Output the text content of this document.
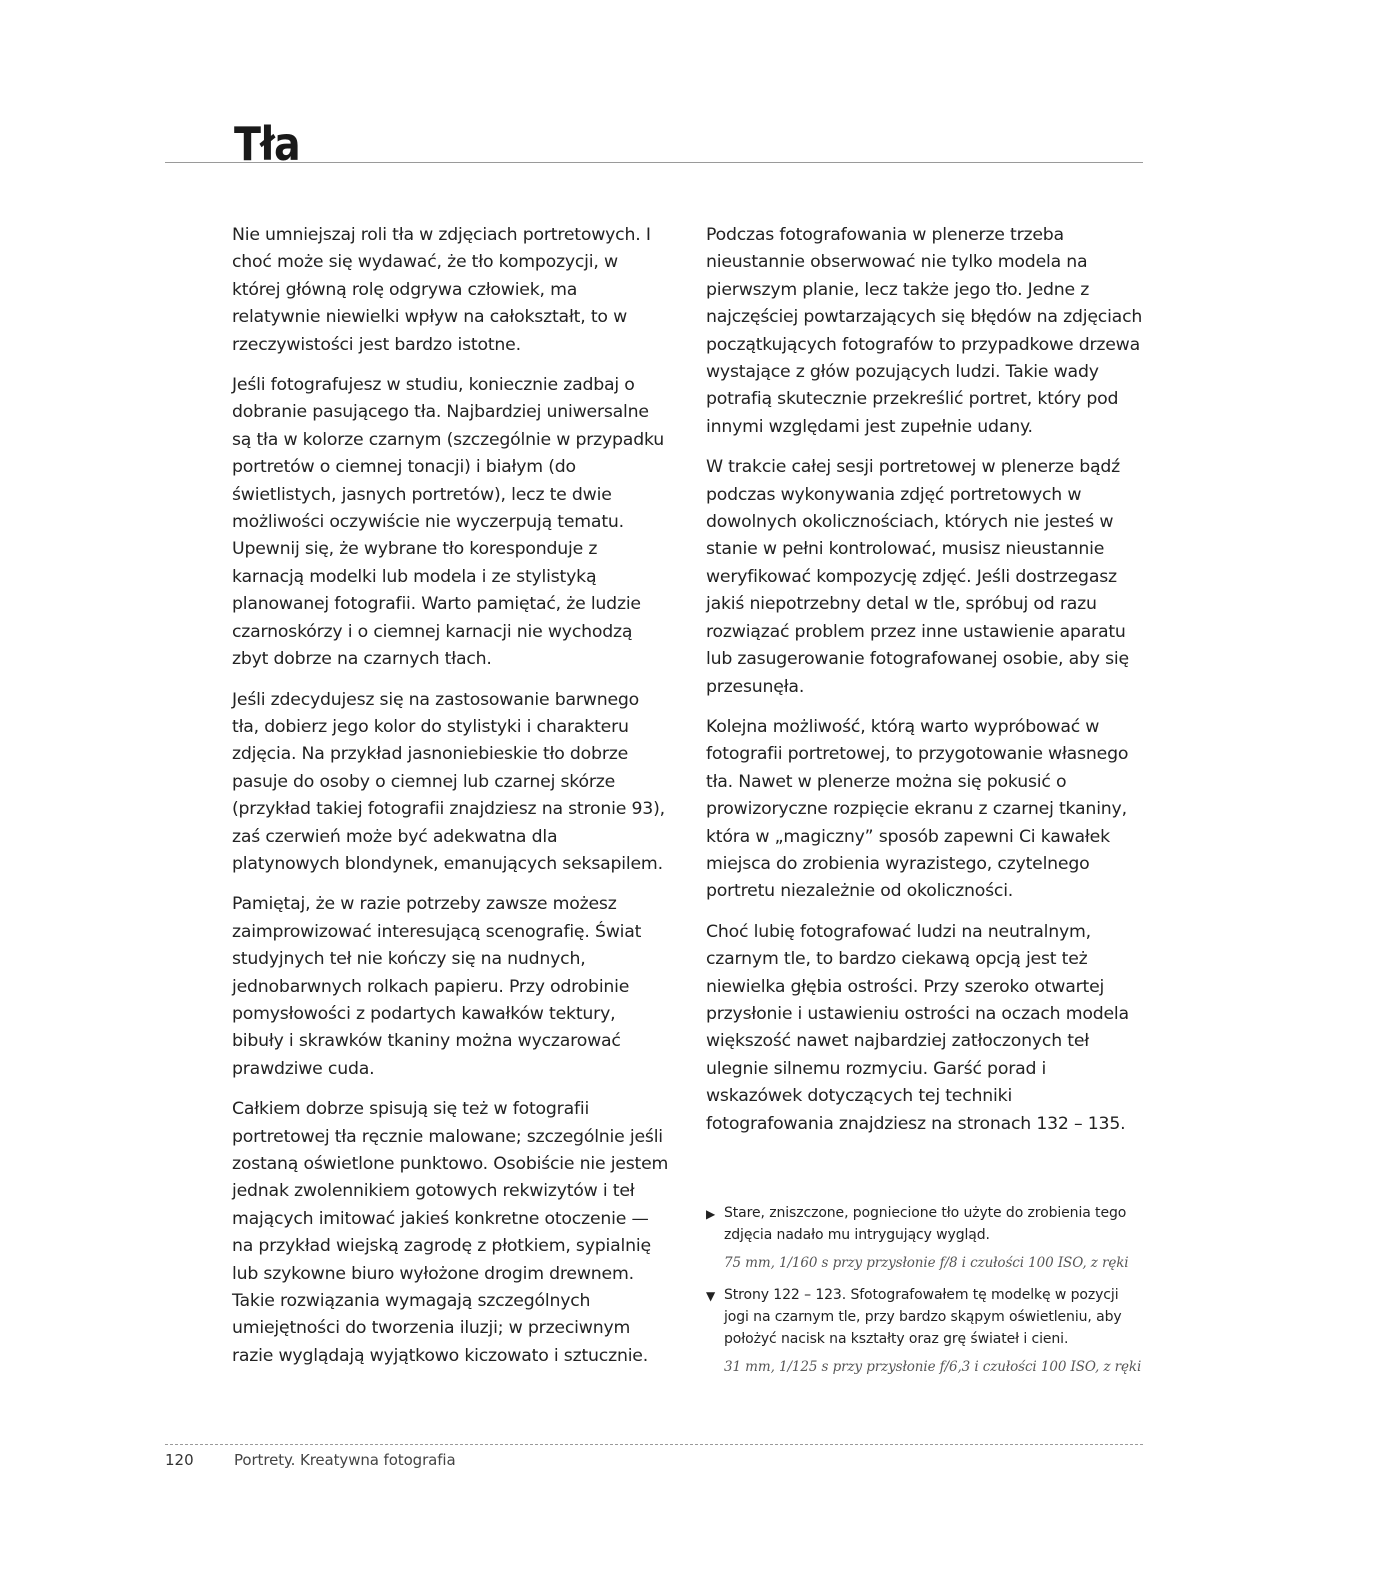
Tła

Nie umniejszaj roli tła w zdjęciach portretowych. I choć może się wydawać, że tło kompozycji, w której główną rolę odgrywa człowiek, ma relatywnie niewielki wpływ na całokształt, to w rzeczywistości jest bardzo istotne.

Jeśli fotografujesz w studiu, koniecznie zadbaj o dobranie pasującego tła. Najbardziej uniwersalne są tła w kolorze czarnym (szczególnie w przypadku portretów o ciemnej tonacji) i białym (do świetlistych, jasnych portretów), lecz te dwie możliwości oczywiście nie wyczerpują tematu. Upewnij się, że wybrane tło koresponduje z karnacją modelki lub modela i ze stylistyką planowanej fotografii. Warto pamiętać, że ludzie czarnoskórzy i o ciemnej karnacji nie wychodzą zbyt dobrze na czarnych tłach.

Jeśli zdecydujesz się na zastosowanie barwnego tła, dobierz jego kolor do stylistyki i charakteru zdjęcia. Na przykład jasnoniebieskie tło dobrze pasuje do osoby o ciemnej lub czarnej skórze (przykład takiej fotografii znajdziesz na stronie 93), zaś czerwień może być adekwatna dla platynowych blondynek, emanujących seksapilem.

Pamiętaj, że w razie potrzeby zawsze możesz zaimprowizować interesującą scenografię. Świat studyjnych teł nie kończy się na nudnych, jednobarwnych rolkach papieru. Przy odrobinie pomysłowości z podartych kawałków tektury, bibuły i skrawków tkaniny można wyczarować prawdziwe cuda.

Całkiem dobrze spisują się też w fotografii portretowej tła ręcznie malowane; szczególnie jeśli zostaną oświetlone punktowo. Osobiście nie jestem jednak zwolennikiem gotowych rekwizytów i teł mających imitować jakieś konkretne otoczenie — na przykład wiejską zagrodę z płotkiem, sypialnię lub szykowne biuro wyłożone drogim drewnem. Takie rozwiązania wymagają szczególnych umiejętności do tworzenia iluzji; w przeciwnym razie wyglądają wyjątkowo kiczowato i sztucznie.

Podczas fotografowania w plenerze trzeba nieustannie obserwować nie tylko modela na pierwszym planie, lecz także jego tło. Jedne z najczęściej powtarzających się błędów na zdjęciach początkujących fotografów to przypadkowe drzewa wystające z głów pozujących ludzi. Takie wady potrafią skutecznie przekreślić portret, który pod innymi względami jest zupełnie udany.

W trakcie całej sesji portretowej w plenerze bądź podczas wykonywania zdjęć portretowych w dowolnych okolicznościach, których nie jesteś w stanie w pełni kontrolować, musisz nieustannie weryfikować kompozycję zdjęć. Jeśli dostrzegasz jakiś niepotrzebny detal w tle, spróbuj od razu rozwiązać problem przez inne ustawienie aparatu lub zasugerowanie fotografowanej osobie, aby się przesunęła.

Kolejna możliwość, którą warto wypróbować w fotografii portretowej, to przygotowanie własnego tła. Nawet w plenerze można się pokusić o prowizoryczne rozpięcie ekranu z czarnej tkaniny, która w „magiczny” sposób zapewni Ci kawałek miejsca do zrobienia wyrazistego, czytelnego portretu niezależnie od okoliczności.

Choć lubię fotografować ludzi na neutralnym, czarnym tle, to bardzo ciekawą opcją jest też niewielka głębia ostrości. Przy szeroko otwartej przysłonie i ustawieniu ostrości na oczach modela większość nawet najbardziej zatłoczonych teł ulegnie silnemu rozmyciu. Garść porad i wskazówek dotyczących tej techniki fotografowania znajdziesz na stronach 132 – 135.

▶ Stare, zniszczone, pogniecione tło użyte do zrobienia tego zdjęcia nadało mu intrygujący wygląd.
75 mm, 1/160 s przy przysłonie f/8 i czułości 100 ISO, z ręki
▼ Strony 122 – 123. Sfotografowałem tę modelkę w pozycji jogi na czarnym tle, przy bardzo skąpym oświetleniu, aby położyć nacisk na kształty oraz grę świateł i cieni.
31 mm, 1/125 s przy przysłonie f/6,3 i czułości 100 ISO, z ręki
120	Portrety. Kreatywna fotografia
